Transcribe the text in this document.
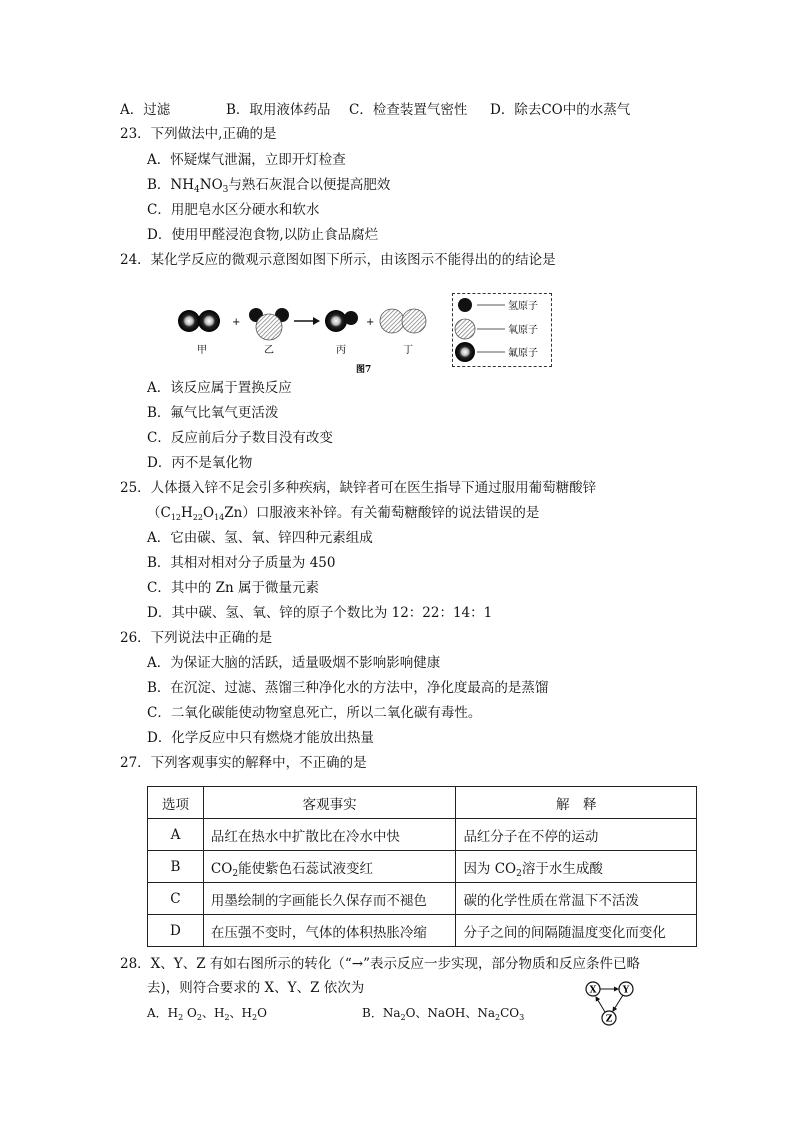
A．过滤	B．取用液体药品 C．检查装置气密性 D．除去CO中的水蒸气
23．下列做法中,正确的是
A．怀疑煤气泄漏，立即开灯检查
B．$NH_4NO_3$与熟石灰混合以便提高肥效
C．用肥皂水区分硬水和软水
D．使用甲醛浸泡食物,以防止食品腐烂
24．某化学反应的微观示意图如图下所示，由该图示不能得出的的结论是
+	+
甲	乙	丙	丁
图7
氢原子
氧原子
氟原子
A．该反应属于置换反应
B．氟气比氧气更活泼
C．反应前后分子数目没有改变
D．丙不是氧化物
25．人体摄入锌不足会引多种疾病，缺锌者可在医生指导下通过服用葡萄糖酸锌
$(C_{12}H_{22}O_{14}Zn)$口服液来补锌。有关葡萄糖酸锌的说法错误的是
A．它由碳、氢、氧、锌四种元素组成
B．其相对相对分子质量为 450
C．其中的 Zn 属于微量元素
D．其中碳、氢、氧、锌的原子个数比为 12：22：14：1
26．下列说法中正确的是
A．为保证大脑的活跃，适量吸烟不影响影响健康
B．在沉淀、过滤、蒸馏三种净化水的方法中，净化度最高的是蒸馏
C．二氧化碳能使动物窒息死亡，所以二氧化碳有毒性。
D．化学反应中只有燃烧才能放出热量
27．下列客观事实的解释中，不正确的是
选项	客观事实	解　释
A	品红在热水中扩散比在冷水中快	品红分子在不停的运动
B	$CO_2$能使紫色石蕊试液变红	因为 $CO_2$溶于水生成酸
C	用墨绘制的字画能长久保存而不褪色	碳的化学性质在常温下不活泼
D	在压强不变时，气体的体积热胀冷缩	分子之间的间隔随温度变化而变化
28．X、Y、Z 有如右图所示的转化（“→”表示反应一步实现，部分物质和反应条件已略
去)，则符合要求的 X、Y、Z 依次为
A．$H_2$ $O_2$、$H_2$、$H_2O$	B．$Na_2O$、NaOH、$Na_2CO_3$
X	Y
Z
